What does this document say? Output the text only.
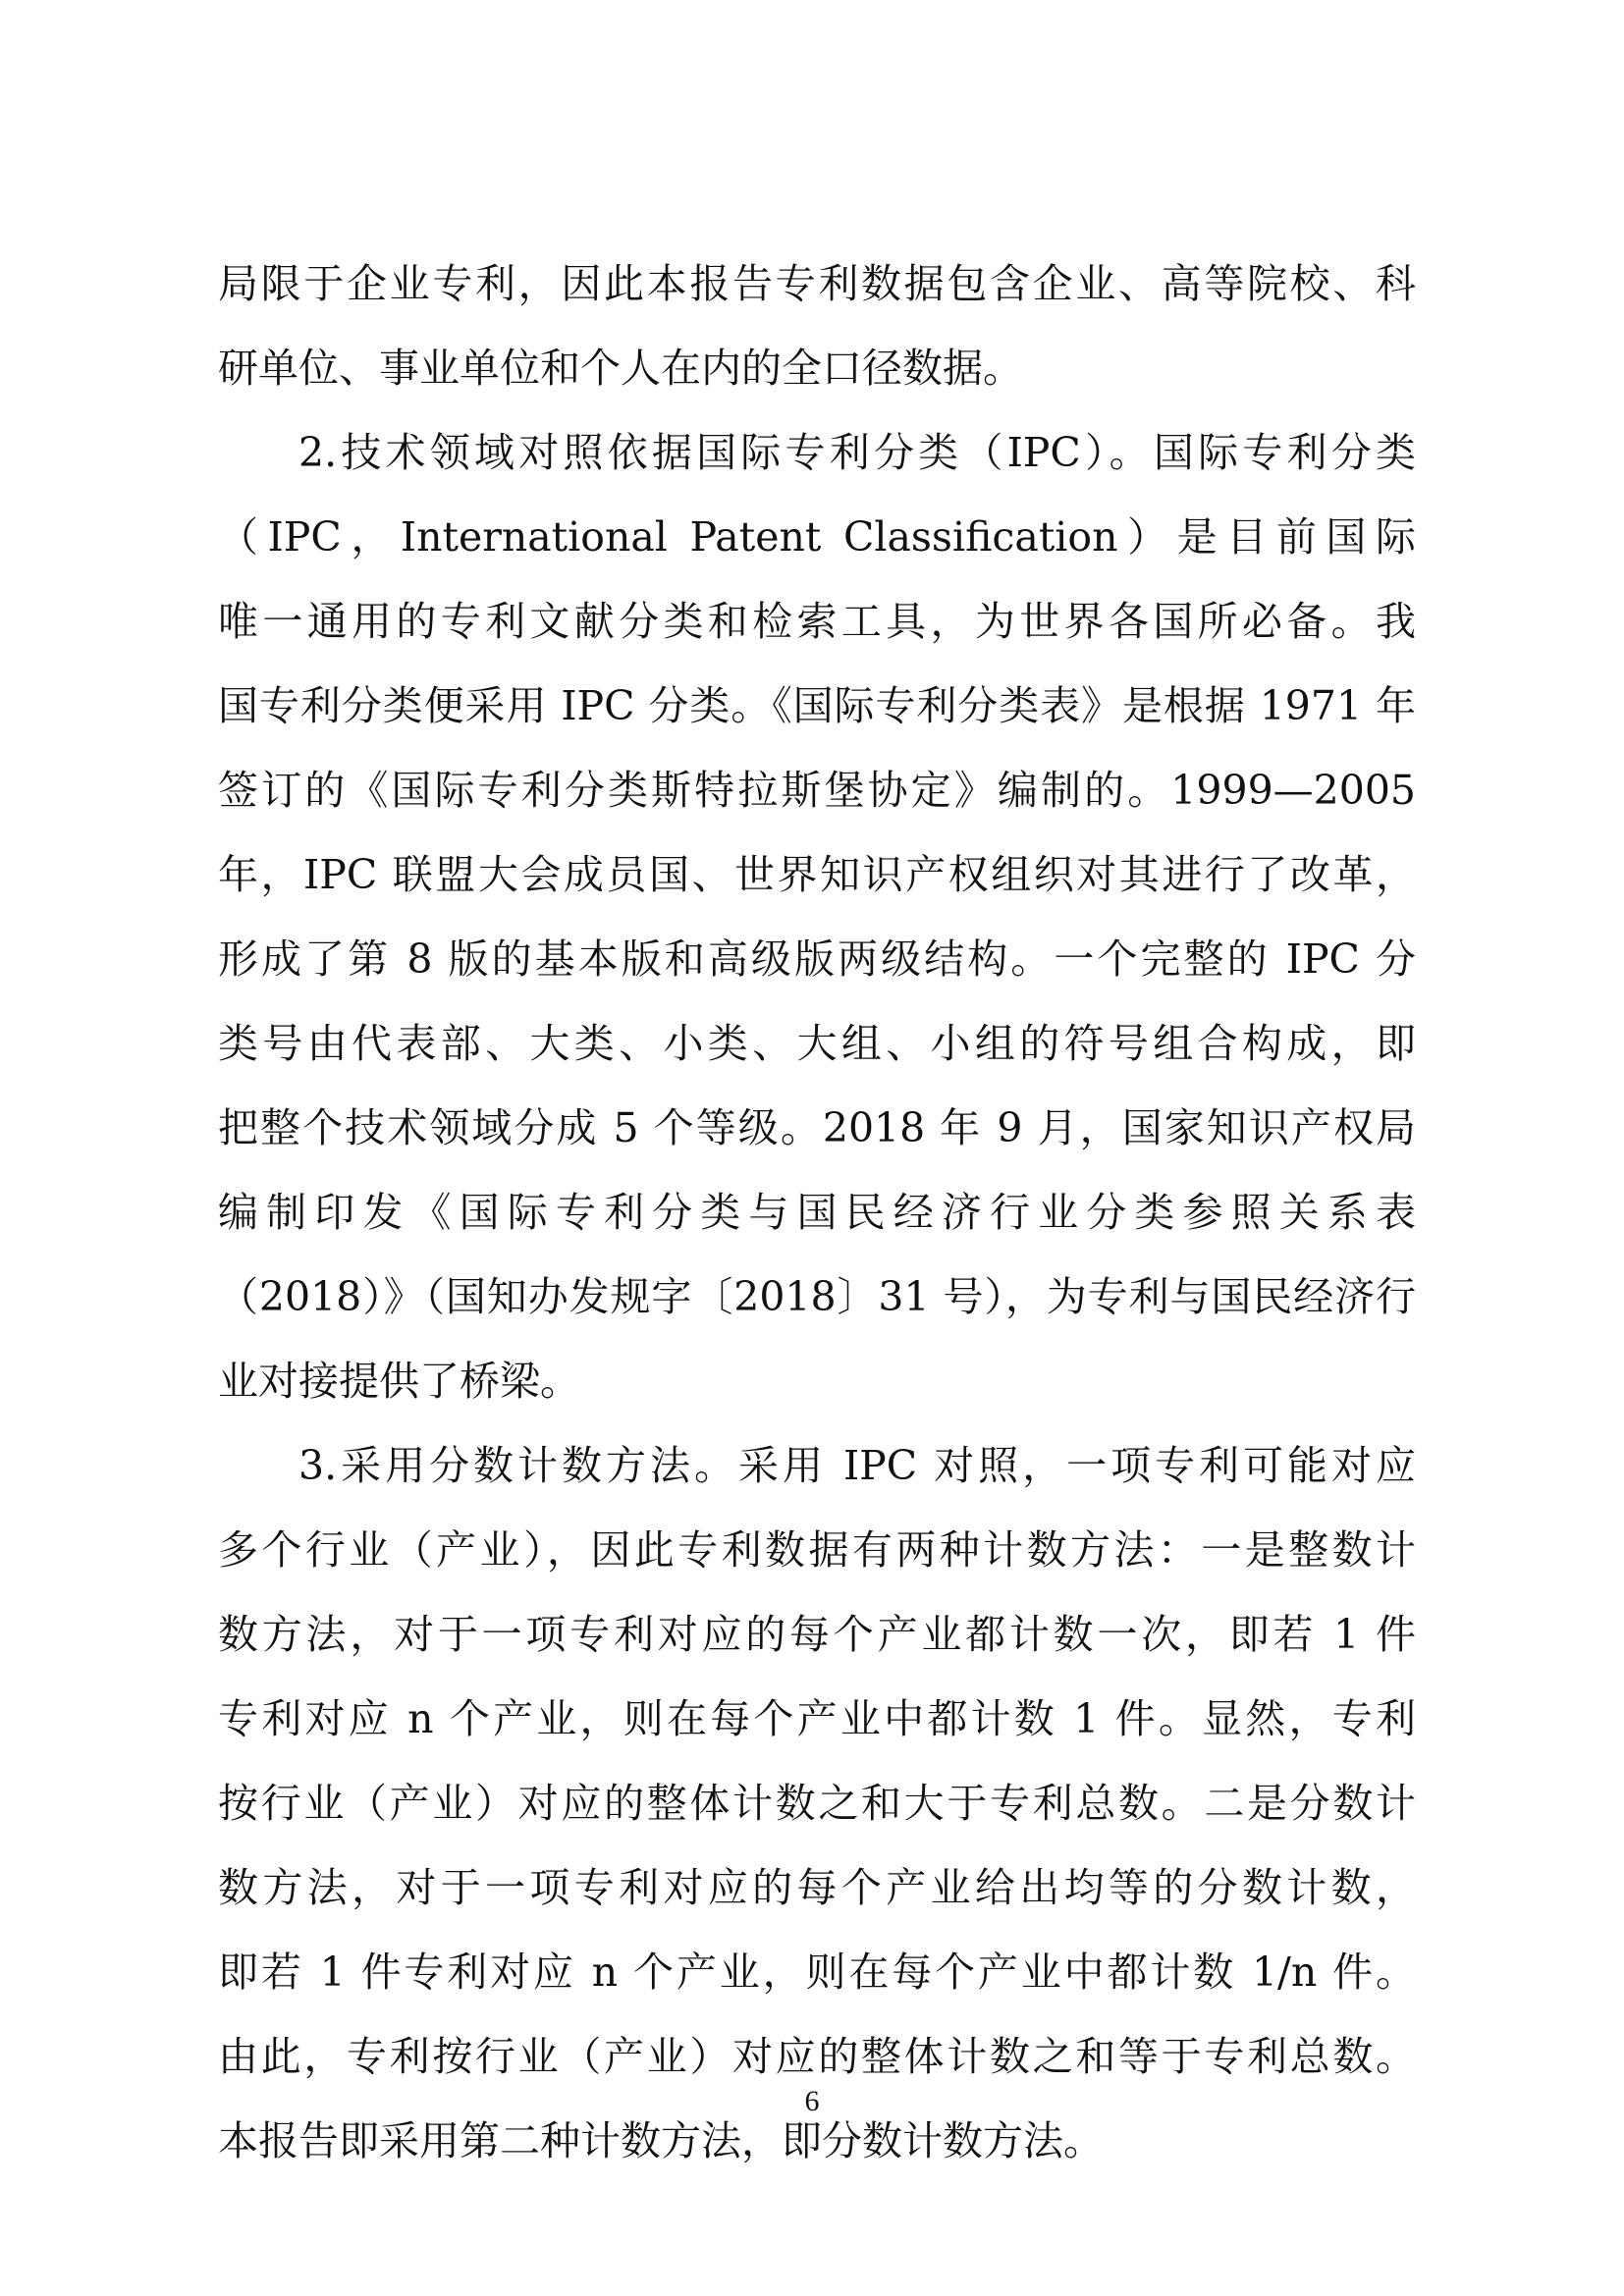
局限于企业专利，因此本报告专利数据包含企业、高等院校、科
研单位、事业单位和个人在内的全口径数据。
2.技术领域对照依据国际专利分类（IPC）。国际专利分类
（IPC，International Patent Classification）是目前国际
唯一通用的专利文献分类和检索工具，为世界各国所必备。我
国专利分类便采用 IPC 分类。《国际专利分类表》是根据 1971 年
签订的《国际专利分类斯特拉斯堡协定》编制的。1999—2005
年，IPC 联盟大会成员国、世界知识产权组织对其进行了改革，
形成了第 8 版的基本版和高级版两级结构。一个完整的 IPC 分
类号由代表部、大类、小类、大组、小组的符号组合构成，即
把整个技术领域分成 5 个等级。2018 年 9 月，国家知识产权局
编制印发《国际专利分类与国民经济行业分类参照关系表
（2018）》（国知办发规字〔2018〕31 号），为专利与国民经济行
业对接提供了桥梁。
3.采用分数计数方法。采用 IPC 对照，一项专利可能对应
多个行业（产业），因此专利数据有两种计数方法：一是整数计
数方法，对于一项专利对应的每个产业都计数一次，即若 1 件
专利对应 n 个产业，则在每个产业中都计数 1 件。显然，专利
按行业（产业）对应的整体计数之和大于专利总数。二是分数计
数方法，对于一项专利对应的每个产业给出均等的分数计数，
即若 1 件专利对应 n 个产业，则在每个产业中都计数 1/n 件。
由此，专利按行业（产业）对应的整体计数之和等于专利总数。
本报告即采用第二种计数方法，即分数计数方法。
6
